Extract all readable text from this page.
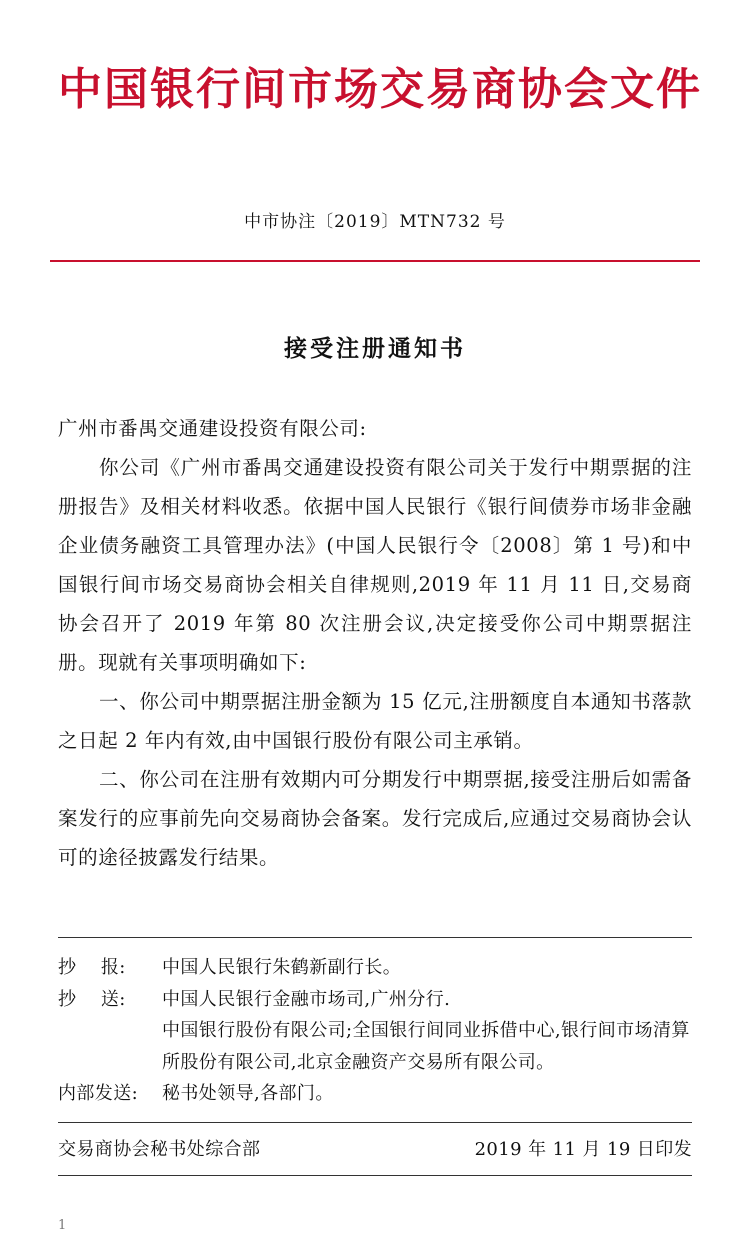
中国银行间市场交易商协会文件
中市协注〔2019〕MTN732 号
接受注册通知书

广州市番禺交通建设投资有限公司:

你公司《广州市番禺交通建设投资有限公司关于发行中期票据的注册报告》及相关材料收悉。依据中国人民银行《银行间债券市场非金融企业债务融资工具管理办法》(中国人民银行令〔2008〕第 1 号)和中国银行间市场交易商协会相关自律规则,2019 年 11 月 11 日,交易商协会召开了 2019 年第 80 次注册会议,决定接受你公司中期票据注册。现就有关事项明确如下:

一、你公司中期票据注册金额为 15 亿元,注册额度自本通知书落款之日起 2 年内有效,由中国银行股份有限公司主承销。

二、你公司在注册有效期内可分期发行中期票据,接受注册后如需备案发行的应事前先向交易商协会备案。发行完成后,应通过交易商协会认可的途径披露发行结果。

抄    报:	中国人民银行朱鹤新副行长。
抄    送:	中国人民银行金融市场司,广州分行.
中国银行股份有限公司;全国银行间同业拆借中心,银行间市场清算所股份有限公司,北京金融资产交易所有限公司。
内部发送:	秘书处领导,各部门。
交易商协会秘书处综合部	2019 年 11 月 19 日印发
1
